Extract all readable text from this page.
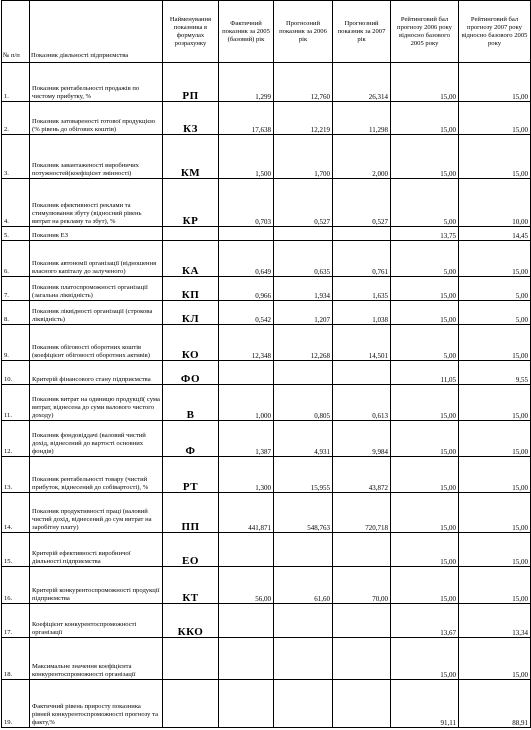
№ п/п	Показник діяльності підприємства	Найменування показника в формулах розрахунку	Фактичний показник за 2005 (базовий) рік	Прогнозний показник за 2006 рік	Прогнозний показник за 2007 рік	Рейтинговий бал прогнозу 2006 року відносно базового 2005 року	Рейтинговий бал прогнозу 2007 року відносно базового 2005 року
1.	Показник рентабельності продажів по чистому прибутку, %	РП	1,299	12,760	26,314	15,00	15,00
2.	Показник затовареності готової продукцією (% рівень до обігових коштів)	КЗ	17,638	12,219	11,298	15,00	15,00
3.	Показник завантаженості виробничих потужностей(коефіцієнт змінності)	КМ	1,500	1,700	2,000	15,00	15,00
4.	Показник ефективності реклами та стимулювання збуту (відносний рівень витрат на рекламу та збут), %	КР	0,703	0,527	0,527	5,00	10,00
5.	Показник ЕЗ					13,75	14,45
6.	Показник автономії організації (відношення власного капіталу до залученого)	КА	0,649	0,635	0,761	5,00	15,00
7.	Показник платоспроможності організації (загальна ліквідність)	КП	0,966	1,934	1,635	15,00	5,00
8.	Показник ліквідності організації (строкова ліквідність)	КЛ	0,542	1,207	1,038	15,00	5,00
9.	Показник обіговості оборотних коштів (коефіцієнт обіговості оборотних активів)	КО	12,348	12,268	14,501	5,00	15,00
10.	Критерій фінансового стану підприємства	ФО				11,05	9,55
11.	Показник витрат на одиницю продукції( сума витрат, віднесена до суми валового чистого доходу)	В	1,000	0,805	0,613	15,00	15,00
12.	Показник фондовіддачі (валовий чистий дохід, віднесений до вартості основних фондів)	Ф	1,387	4,931	9,984	15,00	15,00
13.	Показник рентабельності товару (чистий прибуток, віднесений до собівартості), %	РТ	1,300	15,955	43,872	15,00	15,00
14.	Показник продуктивності праці (валовий чистий дохід, віднесений до сум витрат на заробітну плату)	ПП	441,871	548,763	720,718	15,00	15,00
15.	Критерій ефективності виробничої діяльності підприємства	ЕО				15,00	15,00
16.	Критерій конкурентоспроможності продукції підприємства	КТ	56,00	61,60	70,00	15,00	15,00
17.	Коефіцієнт конкурентоспроможності організації	ККО				13,67	13,34
18.	Максимальне значення коефіцієнта конкурентоспроможності організації					15,00	15,00
19.	Фактичний рівень приросту показника рівней конкурентоспроможності прогнозу та факту,%					91,11	88,91
